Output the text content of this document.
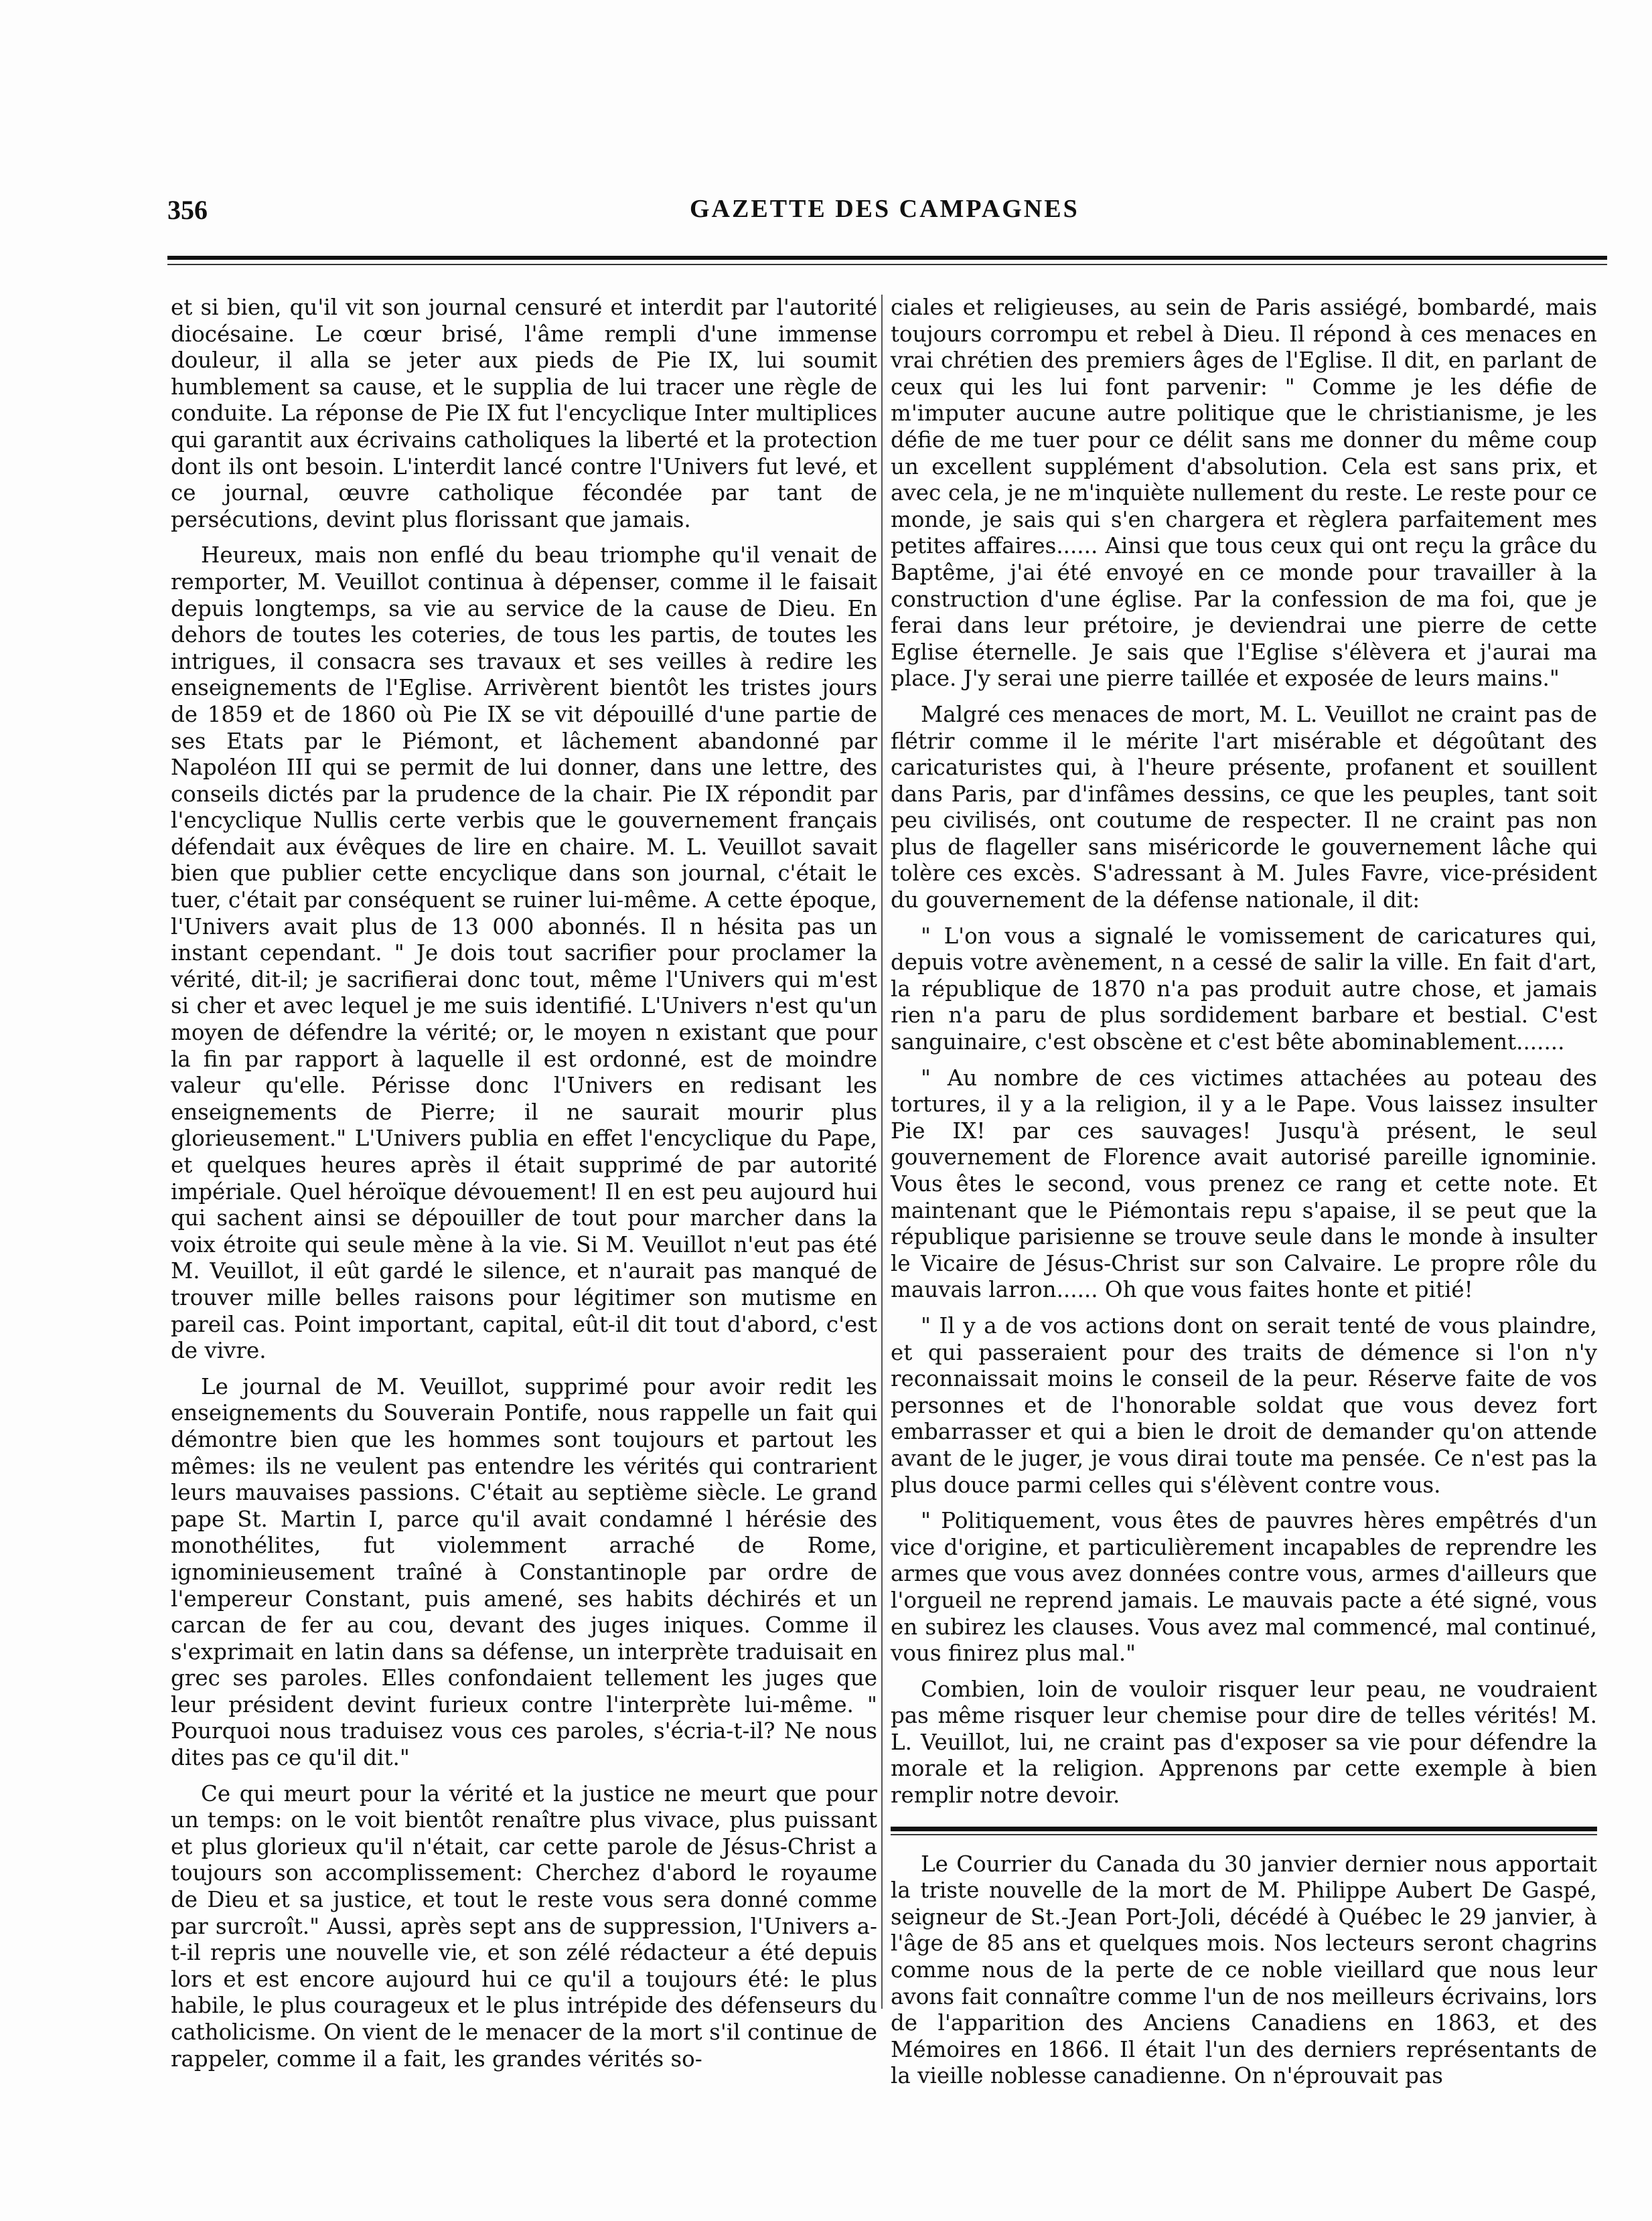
356	GAZETTE DES CAMPAGNES

et si bien, qu'il vit son journal censuré et interdit par l'autorité diocésaine. Le cœur brisé, l'âme rempli d'une immense douleur, il alla se jeter aux pieds de Pie IX, lui soumit humblement sa cause, et le supplia de lui tracer une règle de conduite. La réponse de Pie IX fut l'encyclique Inter multiplices qui garantit aux écrivains catholiques la liberté et la protection dont ils ont besoin. L'interdit lancé contre l'Univers fut levé, et ce journal, œuvre catholique fécondée par tant de persécutions, devint plus florissant que jamais.

Heureux, mais non enflé du beau triomphe qu'il venait de remporter, M. Veuillot continua à dépenser, comme il le faisait depuis longtemps, sa vie au service de la cause de Dieu. En dehors de toutes les coteries, de tous les partis, de toutes les intrigues, il consacra ses travaux et ses veilles à redire les enseignements de l'Eglise. Arrivèrent bientôt les tristes jours de 1859 et de 1860 où Pie IX se vit dépouillé d'une partie de ses Etats par le Piémont, et lâchement abandonné par Napoléon III qui se permit de lui donner, dans une lettre, des conseils dictés par la prudence de la chair. Pie IX répondit par l'encyclique Nullis certe verbis que le gouvernement français défendait aux évêques de lire en chaire. M. L. Veuillot savait bien que publier cette encyclique dans son journal, c'était le tuer, c'était par conséquent se ruiner lui-même. A cette époque, l'Univers avait plus de 13 000 abonnés. Il n hésita pas un instant cependant. " Je dois tout sacrifier pour proclamer la vérité, dit-il; je sacrifierai donc tout, même l'Univers qui m'est si cher et avec lequel je me suis identifié. L'Univers n'est qu'un moyen de défendre la vérité; or, le moyen n existant que pour la fin par rapport à laquelle il est ordonné, est de moindre valeur qu'elle. Périsse donc l'Univers en redisant les enseignements de Pierre; il ne saurait mourir plus glorieusement." L'Univers publia en effet l'encyclique du Pape, et quelques heures après il était supprimé de par autorité impériale. Quel héroïque dévouement! Il en est peu aujourd hui qui sachent ainsi se dépouiller de tout pour marcher dans la voix étroite qui seule mène à la vie. Si M. Veuillot n'eut pas été M. Veuillot, il eût gardé le silence, et n'aurait pas manqué de trouver mille belles raisons pour légitimer son mutisme en pareil cas. Point important, capital, eût-il dit tout d'abord, c'est de vivre.

Le journal de M. Veuillot, supprimé pour avoir redit les enseignements du Souverain Pontife, nous rappelle un fait qui démontre bien que les hommes sont toujours et partout les mêmes: ils ne veulent pas entendre les vérités qui contrarient leurs mauvaises passions. C'était au septième siècle. Le grand pape St. Martin I, parce qu'il avait condamné l hérésie des monothélites, fut violemment arraché de Rome, ignominieusement traîné à Constantinople par ordre de l'empereur Constant, puis amené, ses habits déchirés et un carcan de fer au cou, devant des juges iniques. Comme il s'exprimait en latin dans sa défense, un interprète traduisait en grec ses paroles. Elles confondaient tellement les juges que leur président devint furieux contre l'interprète lui-même. " Pourquoi nous traduisez vous ces paroles, s'écria-t-il? Ne nous dites pas ce qu'il dit."

Ce qui meurt pour la vérité et la justice ne meurt que pour un temps: on le voit bientôt renaître plus vivace, plus puissant et plus glorieux qu'il n'était, car cette parole de Jésus-Christ a toujours son accomplissement: Cherchez d'abord le royaume de Dieu et sa justice, et tout le reste vous sera donné comme par surcroît." Aussi, après sept ans de suppression, l'Univers a-t-il repris une nouvelle vie, et son zélé rédacteur a été depuis lors et est encore aujourd hui ce qu'il a toujours été: le plus habile, le plus courageux et le plus intrépide des défenseurs du catholicisme. On vient de le menacer de la mort s'il continue de rappeler, comme il a fait, les grandes vérités so-

ciales et religieuses, au sein de Paris assiégé, bombardé, mais toujours corrompu et rebel à Dieu. Il répond à ces menaces en vrai chrétien des premiers âges de l'Eglise. Il dit, en parlant de ceux qui les lui font parvenir: " Comme je les défie de m'imputer aucune autre politique que le christianisme, je les défie de me tuer pour ce délit sans me donner du même coup un excellent supplément d'absolution. Cela est sans prix, et avec cela, je ne m'inquiète nullement du reste. Le reste pour ce monde, je sais qui s'en chargera et règlera parfaitement mes petites affaires...... Ainsi que tous ceux qui ont reçu la grâce du Baptême, j'ai été envoyé en ce monde pour travailler à la construction d'une église. Par la confession de ma foi, que je ferai dans leur prétoire, je deviendrai une pierre de cette Eglise éternelle. Je sais que l'Eglise s'élèvera et j'aurai ma place. J'y serai une pierre taillée et exposée de leurs mains."

Malgré ces menaces de mort, M. L. Veuillot ne craint pas de flétrir comme il le mérite l'art misérable et dégoûtant des caricaturistes qui, à l'heure présente, profanent et souillent dans Paris, par d'infâmes dessins, ce que les peuples, tant soit peu civilisés, ont coutume de respecter. Il ne craint pas non plus de flageller sans miséricorde le gouvernement lâche qui tolère ces excès. S'adressant à M. Jules Favre, vice-président du gouvernement de la défense nationale, il dit:

" L'on vous a signalé le vomissement de caricatures qui, depuis votre avènement, n a cessé de salir la ville. En fait d'art, la république de 1870 n'a pas produit autre chose, et jamais rien n'a paru de plus sordidement barbare et bestial. C'est sanguinaire, c'est obscène et c'est bête abominablement.......

" Au nombre de ces victimes attachées au poteau des tortures, il y a la religion, il y a le Pape. Vous laissez insulter Pie IX! par ces sauvages! Jusqu'à présent, le seul gouvernement de Florence avait autorisé pareille ignominie. Vous êtes le second, vous prenez ce rang et cette note. Et maintenant que le Piémontais repu s'apaise, il se peut que la république parisienne se trouve seule dans le monde à insulter le Vicaire de Jésus-Christ sur son Calvaire. Le propre rôle du mauvais larron...... Oh que vous faites honte et pitié!

" Il y a de vos actions dont on serait tenté de vous plaindre, et qui passeraient pour des traits de démence si l'on n'y reconnaissait moins le conseil de la peur. Réserve faite de vos personnes et de l'honorable soldat que vous devez fort embarrasser et qui a bien le droit de demander qu'on attende avant de le juger, je vous dirai toute ma pensée. Ce n'est pas la plus douce parmi celles qui s'élèvent contre vous.

" Politiquement, vous êtes de pauvres hères empêtrés d'un vice d'origine, et particulièrement incapables de reprendre les armes que vous avez données contre vous, armes d'ailleurs que l'orgueil ne reprend jamais. Le mauvais pacte a été signé, vous en subirez les clauses. Vous avez mal commencé, mal continué, vous finirez plus mal."

Combien, loin de vouloir risquer leur peau, ne voudraient pas même risquer leur chemise pour dire de telles vérités! M. L. Veuillot, lui, ne craint pas d'exposer sa vie pour défendre la morale et la religion. Apprenons par cette exemple à bien remplir notre devoir.

Le Courrier du Canada du 30 janvier dernier nous apportait la triste nouvelle de la mort de M. Philippe Aubert De Gaspé, seigneur de St.-Jean Port-Joli, décédé à Québec le 29 janvier, à l'âge de 85 ans et quelques mois. Nos lecteurs seront chagrins comme nous de la perte de ce noble vieillard que nous leur avons fait connaître comme l'un de nos meilleurs écrivains, lors de l'apparition des Anciens Canadiens en 1863, et des Mémoires en 1866. Il était l'un des derniers représentants de la vieille noblesse canadienne. On n'éprouvait pas
